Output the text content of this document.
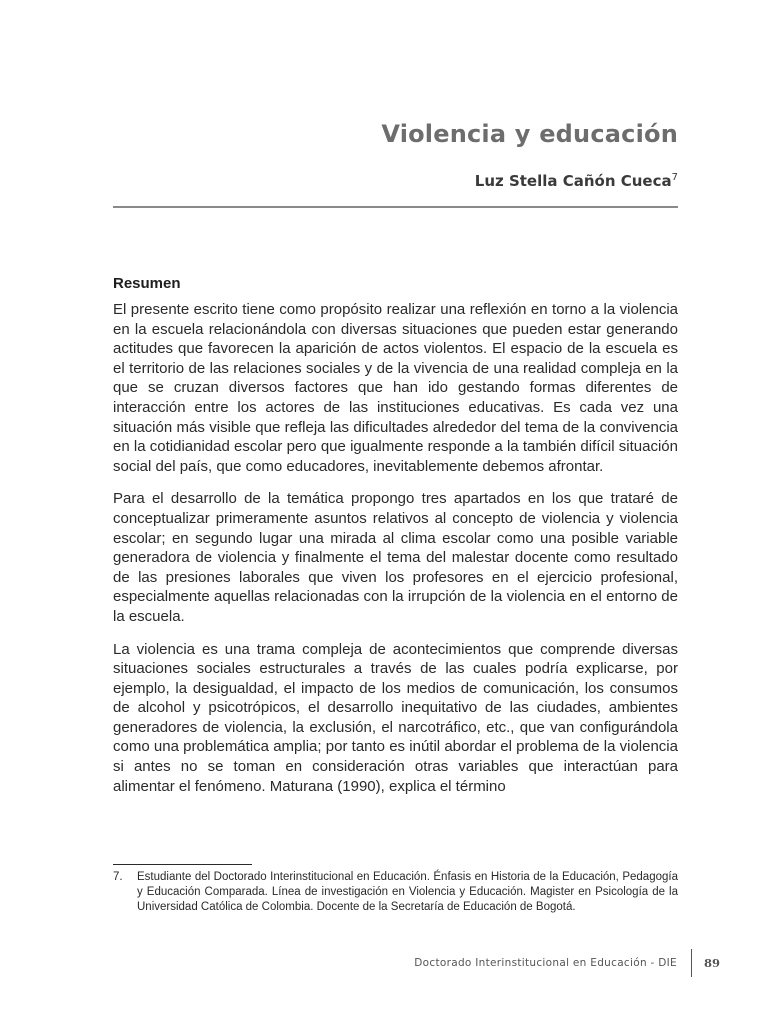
Violencia y educación
Luz Stella Cañón Cueca$^7$
Resumen

El presente escrito tiene como propósito realizar una reflexión en torno a la violencia en la escuela relacionándola con diversas situaciones que pueden estar generando actitudes que favorecen la aparición de actos violentos. El espacio de la escuela es el territorio de las relaciones sociales y de la vivencia de una realidad compleja en la que se cruzan diversos factores que han ido gestando formas diferentes de interacción entre los actores de las instituciones educativas. Es cada vez una situación más visible que refleja las dificultades alrededor del tema de la convivencia en la cotidianidad escolar pero que igualmente responde a la también difícil situación social del país, que como educadores, inevitablemente debemos afrontar.

Para el desarrollo de la temática propongo tres apartados en los que trataré de conceptualizar primeramente asuntos relativos al concepto de violencia y violencia escolar; en segundo lugar una mirada al clima escolar como una posible variable generadora de violencia y finalmente el tema del malestar docente como resultado de las presiones laborales que viven los profesores en el ejercicio profesional, especialmente aquellas relacionadas con la irrupción de la violencia en el entorno de la escuela.

La violencia es una trama compleja de acontecimientos que comprende diversas situaciones sociales estructurales a través de las cuales podría explicarse, por ejemplo, la desigualdad, el impacto de los medios de comunicación, los consumos de alcohol y psicotrópicos, el desarrollo inequitativo de las ciudades, ambientes generadores de violencia, la exclusión, el narcotráfico, etc., que van configurándola como una problemática amplia; por tanto es inútil abordar el problema de la violencia si antes no se toman en consideración otras variables que interactúan para alimentar el fenómeno. Maturana (1990), explica el término

7.	Estudiante del Doctorado Interinstitucional en Educación. Énfasis en Historia de la Educación, Pedagogía y Educación Comparada. Línea de investigación en Violencia y Educación. Magister en Psicología de la Universidad Católica de Colombia. Docente de la Secretaría de Educación de Bogotá.
Doctorado Interinstitucional en Educación - DIE 89
